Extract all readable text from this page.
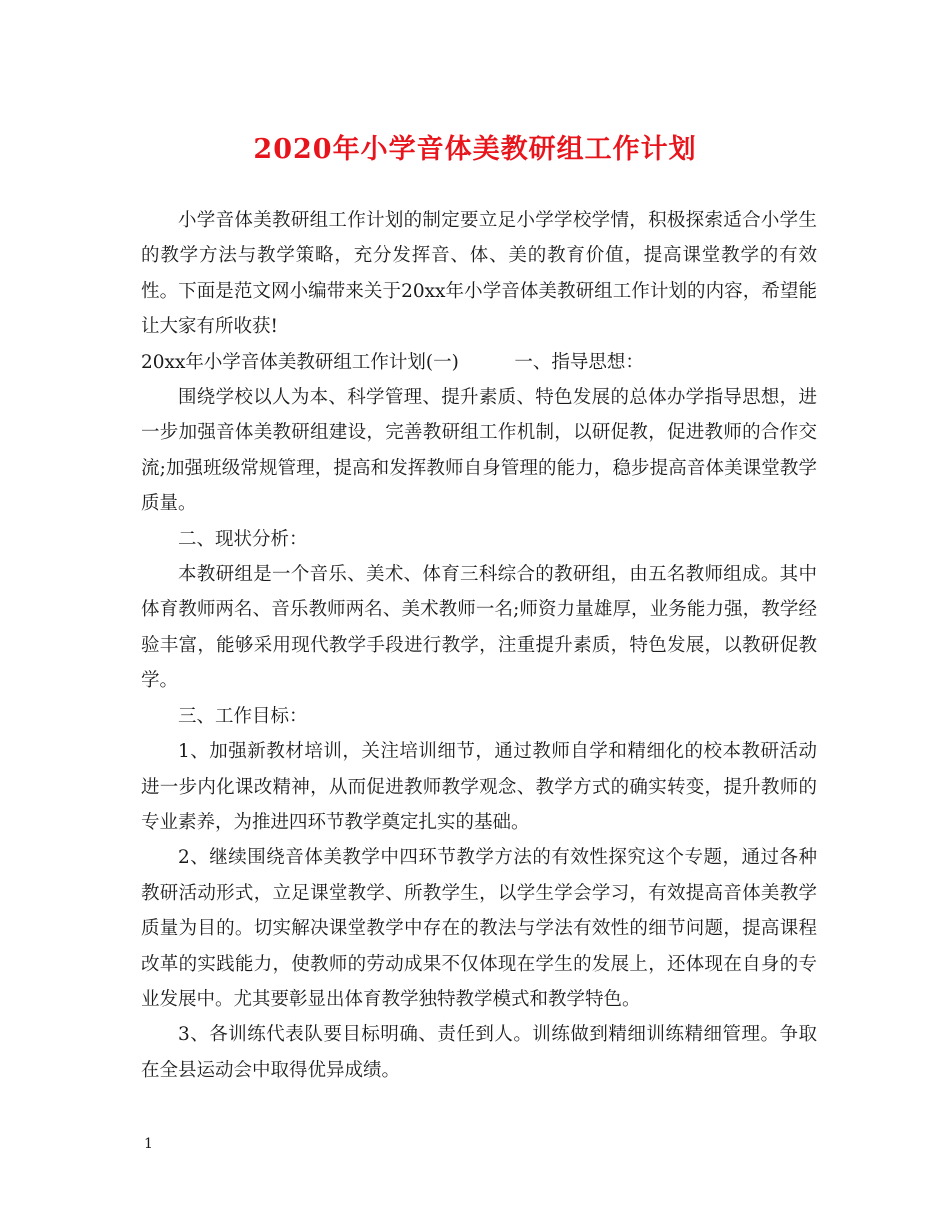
2020年小学音体美教研组工作计划

小学音体美教研组工作计划的制定要立足小学学校学情，积极探索适合小学生的教学方法与教学策略，充分发挥音、体、美的教育价值，提高课堂教学的有效性。下面是范文网小编带来关于20xx年小学音体美教研组工作计划的内容，希望能让大家有所收获!

20xx年小学音体美教研组工作计划(一)　　　一、指导思想：

围绕学校以人为本、科学管理、提升素质、特色发展的总体办学指导思想，进一步加强音体美教研组建设，完善教研组工作机制，以研促教，促进教师的合作交流;加强班级常规管理，提高和发挥教师自身管理的能力，稳步提高音体美课堂教学质量。

二、现状分析：

本教研组是一个音乐、美术、体育三科综合的教研组，由五名教师组成。其中体育教师两名、音乐教师两名、美术教师一名;师资力量雄厚，业务能力强，教学经验丰富，能够采用现代教学手段进行教学，注重提升素质，特色发展，以教研促教学。

三、工作目标：

1、加强新教材培训，关注培训细节，通过教师自学和精细化的校本教研活动进一步内化课改精神，从而促进教师教学观念、教学方式的确实转变，提升教师的专业素养，为推进四环节教学奠定扎实的基础。

2、继续围绕音体美教学中四环节教学方法的有效性探究这个专题，通过各种教研活动形式，立足课堂教学、所教学生，以学生学会学习，有效提高音体美教学质量为目的。切实解决课堂教学中存在的教法与学法有效性的细节问题，提高课程改革的实践能力，使教师的劳动成果不仅体现在学生的发展上，还体现在自身的专业发展中。尤其要彰显出体育教学独特教学模式和教学特色。

3、各训练代表队要目标明确、责任到人。训练做到精细训练精细管理。争取在全县运动会中取得优异成绩。

1
